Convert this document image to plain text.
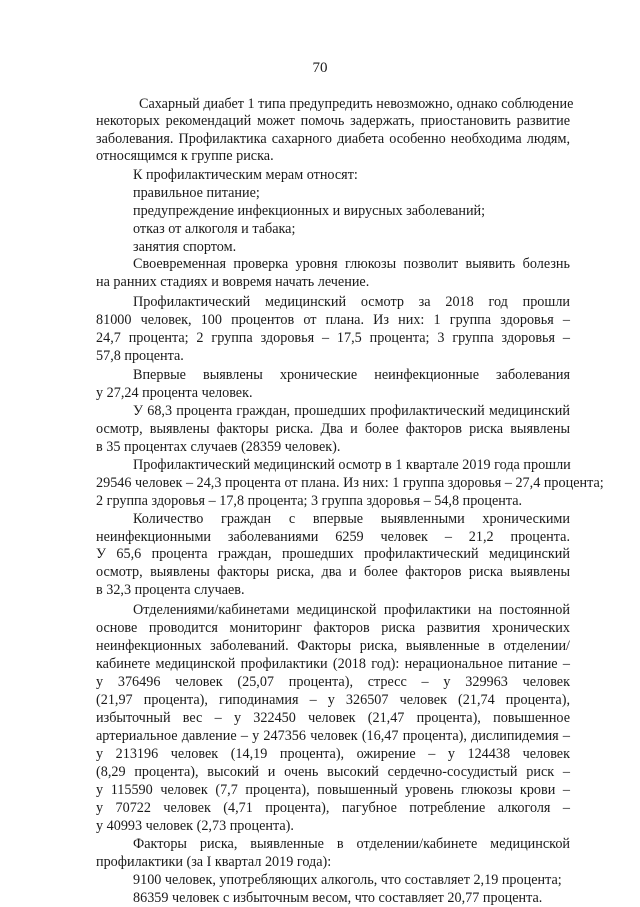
70
Сахарный диабет 1 типа предупредить невозможно, однако соблюдение
некоторых рекомендаций может помочь задержать, приостановить развитие
заболевания. Профилактика сахарного диабета особенно необходима людям,
относящимся к группе риска.
К профилактическим мерам относят:
правильное питание;
предупреждение инфекционных и вирусных заболеваний;
отказ от алкоголя и табака;
занятия спортом.
Своевременная проверка уровня глюкозы позволит выявить болезнь
на ранних стадиях и вовремя начать лечение.
Профилактический медицинский осмотр за 2018 год прошли
81000 человек, 100 процентов от плана. Из них: 1 группа здоровья –
24,7 процента; 2 группа здоровья – 17,5 процента; 3 группа здоровья –
57,8 процента.
Впервые выявлены хронические неинфекционные заболевания
у 27,24 процента человек.
У 68,3 процента граждан, прошедших профилактический медицинский
осмотр, выявлены факторы риска. Два и более факторов риска выявлены
в 35 процентах случаев (28359 человек).
Профилактический медицинский осмотр в 1 квартале 2019 года прошли
29546 человек – 24,3 процента от плана. Из них: 1 группа здоровья – 27,4 процента;
2 группа здоровья – 17,8 процента; 3 группа здоровья – 54,8 процента.
Количество граждан с впервые выявленными хроническими
неинфекционными заболеваниями 6259 человек – 21,2 процента.
У 65,6 процента граждан, прошедших профилактический медицинский
осмотр, выявлены факторы риска, два и более факторов риска выявлены
в 32,3 процента случаев.
Отделениями/кабинетами медицинской профилактики на постоянной
основе проводится мониторинг факторов риска развития хронических
неинфекционных заболеваний. Факторы риска, выявленные в отделении/
кабинете медицинской профилактики (2018 год): нерациональное питание –
у 376496 человек (25,07 процента), стресс – у 329963 человек
(21,97 процента), гиподинамия – у 326507 человек (21,74 процента),
избыточный вес – у 322450 человек (21,47 процента), повышенное
артериальное давление – у 247356 человек (16,47 процента), дислипидемия –
у 213196 человек (14,19 процента), ожирение – у 124438 человек
(8,29 процента), высокий и очень высокий сердечно-сосудистый риск –
у 115590 человек (7,7 процента), повышенный уровень глюкозы крови –
у 70722 человек (4,71 процента), пагубное потребление алкоголя –
у 40993 человек (2,73 процента).
Факторы риска, выявленные в отделении/кабинете медицинской
профилактики (за I квартал 2019 года):
9100 человек, употребляющих алкоголь, что составляет 2,19 процента;
86359 человек с избыточным весом, что составляет 20,77 процента.
